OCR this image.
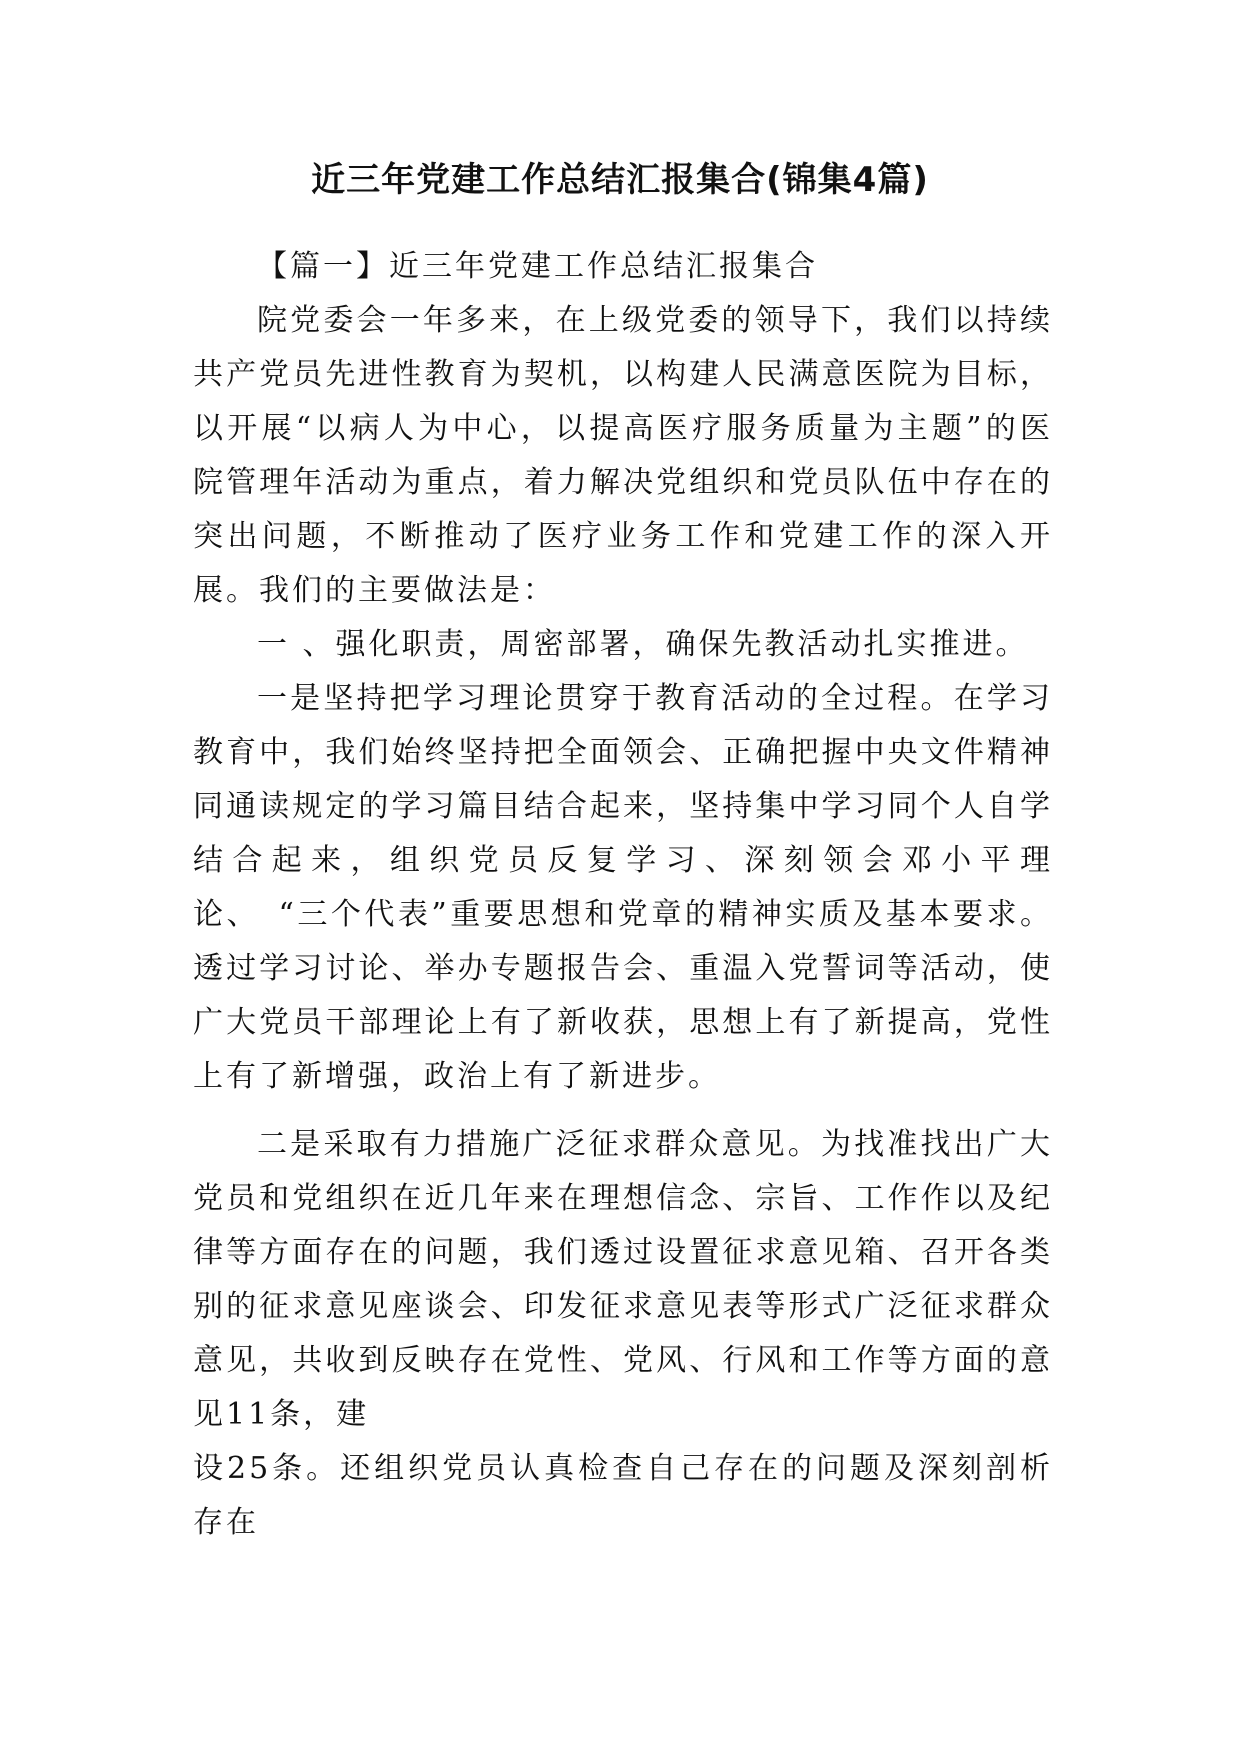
近三年党建工作总结汇报集合(锦集4篇)

【篇一】近三年党建工作总结汇报集合

院党委会一年多来，在上级党委的领导下，我们以持续共产党员先进性教育为契机，以构建人民满意医院为目标，以开展“以病人为中心，以提高医疗服务质量为主题”的医院管理年活动为重点，着力解决党组织和党员队伍中存在的突出问题，不断推动了医疗业务工作和党建工作的深入开展。我们的主要做法是：

一 、强化职责，周密部署，确保先教活动扎实推进。

一是坚持把学习理论贯穿于教育活动的全过程。在学习教育中，我们始终坚持把全面领会、正确把握中央文件精神同通读规定的学习篇目结合起来，坚持集中学习同个人自学结合起来，组织党员反复学习、深刻领会邓小平理论、　“三个代表”重要思想和党章的精神实质及基本要求。透过学习讨论、举办专题报告会、重温入党誓词等活动，使广大党员干部理论上有了新收获，思想上有了新提高，党性上有了新增强，政治上有了新进步。

二是采取有力措施广泛征求群众意见。为找准找出广大党员和党组织在近几年来在理想信念、宗旨、工作作以及纪律等方面存在的问题，我们透过设置征求意见箱、召开各类别的征求意见座谈会、印发征求意见表等形式广泛征求群众意见，共收到反映存在党性、党风、行风和工作等方面的意见11条，建

设25条。还组织党员认真检查自己存在的问题及深刻剖析存在
